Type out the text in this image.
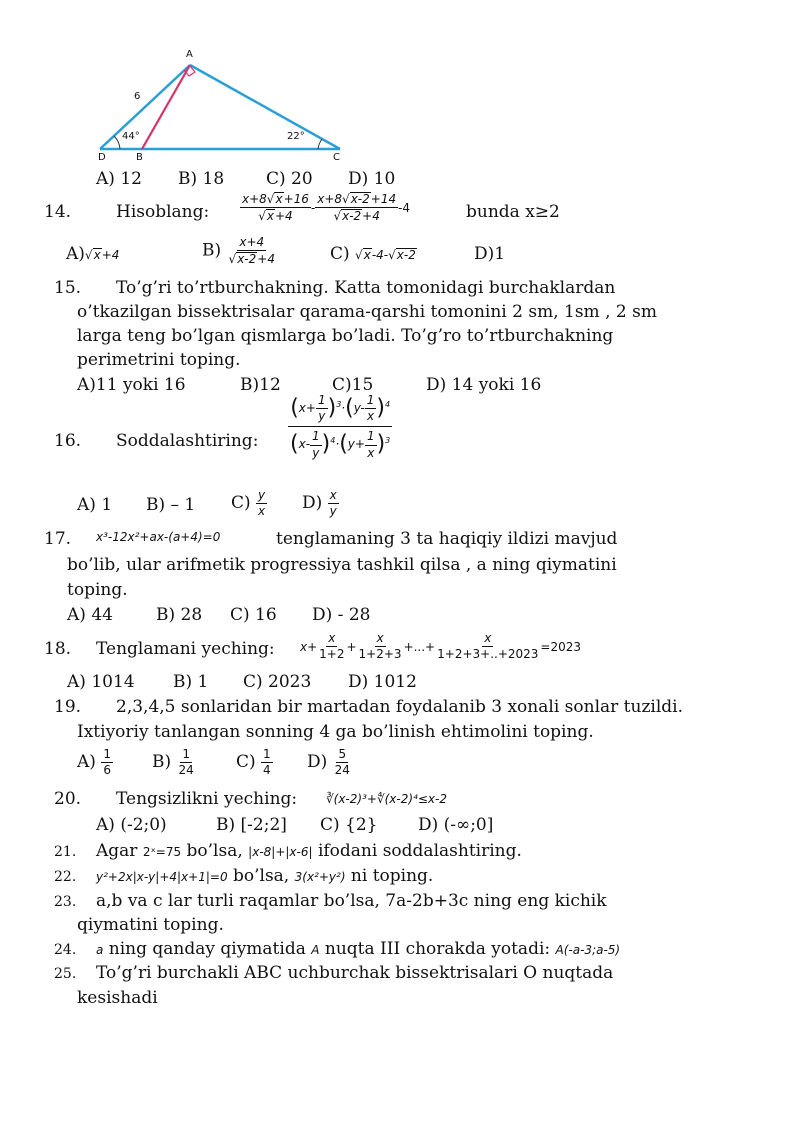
A
B	C
D
6
44°	22°
A) 12 B) 18 C) 20 D) 10
14.	Hisoblang:	$\frac{x+8√x+16}{√x+4} - \frac{x+8√x-2+14}{√x-2+4} -4$	bunda x≥2
A)√x+4	$B) \frac{x+4}{√x-2+4}$	C) √x-4-√x-2	D)1
15. To’g’ri to’rtburchakning. Katta tomonidagi burchaklardan
o’tkazilgan bissektrisalar qarama-qarshi tomonini 2 sm, 1sm , 2 sm
larga teng bo’lgan qismlarga bo’ladi. To’g’ro to’rtburchakning
perimetrini toping.
A)11 yoki 16	B)12	C)15	D) 14 yoki 16
16. Soddalashtiring: $\frac{(x+ \frac{1}{y} )^3\cdot(y- \frac{1}{x} )^4}{(x- \frac{1}{y} )^4\cdot(y+ \frac{1}{x} )^3}$
A) 1 B) – 1 $C) \frac{y}{x} D) \frac{x}{y}$
17. x³-12x²+ax-(a+4)=0	tenglamaning 3 ta haqiqiy ildizi mavjud
bo’lib, ular arifmetik progressiya tashkil qilsa , a ning qiymatini
toping.
A) 44	B) 28 C) 16 D) - 28
18. Tenglamani yeching: $x+ \frac{x}{1+2} + \frac{x}{1+2+3}$ +...+ $\frac{x}{1+2+3+..+2023} =2023$
A) 1014 B) 1 C) 2023 D) 1012
19. 2,3,4,5 sonlaridan bir martadan foydalanib 3 xonali sonlar tuzildi.
Ixtiyoriy tanlangan sonning 4 ga bo’linish ehtimolini toping.
$A) \frac{1}{6} B) \frac{1}{24} C) \frac{1}{4} D) \frac{5}{24}$
20. Tengsizlikni yeching: ∛(x-2)³+∜(x-2)⁴≤x-2
A) (-2;0)	B) [-2;2] C) {2} D) (-∞;0]
21. Agar 2ˣ=75 bo’lsa, |x-8|+|x-6| ifodani soddalashtiring.
22. y²+2x|x-y|+4|x+1|=0 bo’lsa, 3(x²+y²) ni toping.
23. a,b va c lar turli raqamlar bo’lsa, 7a-2b+3c ning eng kichik
qiymatini toping.
24. a ning qanday qiymatida A nuqta III chorakda yotadi: A(-a-3;a-5)
25. To’g’ri burchakli ABC uchburchak bissektrisalari O nuqtada
kesishadi
